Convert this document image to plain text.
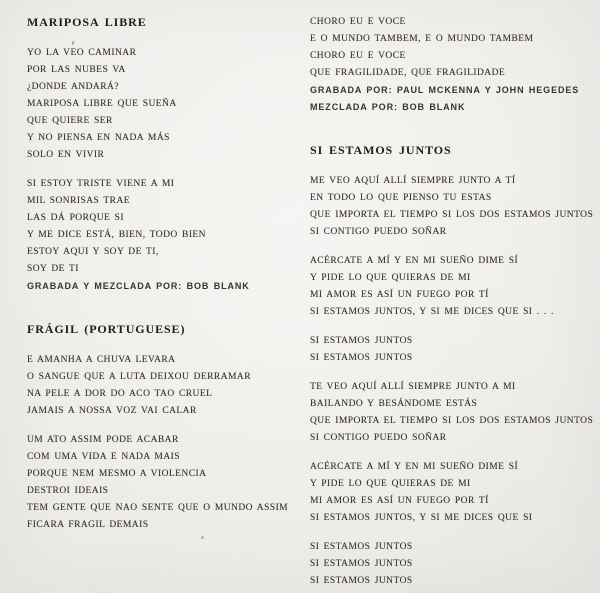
MARIPOSA LIBRE
YO LA VEO CAMINAR
POR LAS NUBES VA
¿DONDE ANDARÁ?
MARIPOSA LIBRE QUE SUEÑA
QUE QUIERE SER
Y NO PIENSA EN NADA MÁS
SOLO EN VIVIR
SI ESTOY TRISTE VIENE A MI
MIL SONRISAS TRAE
LAS DÁ PORQUE SI
Y ME DICE ESTÁ, BIEN, TODO BIEN
ESTOY AQUI Y SOY DE TI,
SOY DE TI
GRABADA Y MEZCLADA POR: BOB BLANK
FRÁGIL (PORTUGUESE)
E AMANHA A CHUVA LEVARA
O SANGUE QUE A LUTA DEIXOU DERRAMAR
NA PELE A DOR DO ACO TAO CRUEL
JAMAIS A NOSSA VOZ VAI CALAR
UM ATO ASSIM PODE ACABAR
COM UMA VIDA E NADA MAIS
PORQUE NEM MESMO A VIOLENCIA
DESTROI IDEAIS
TEM GENTE QUE NAO SENTE QUE O MUNDO ASSIM
FICARA FRAGIL DEMAIS
CHORO EU E VOCE
E O MUNDO TAMBEM, E O MUNDO TAMBEM
CHORO EU E VOCE
QUE FRAGILIDADE, QUE FRAGILIDADE
GRABADA POR: PAUL MCKENNA Y JOHN HEGEDES
MEZCLADA POR: BOB BLANK
SI ESTAMOS JUNTOS
ME VEO AQUÍ ALLÍ SIEMPRE JUNTO A TÍ
EN TODO LO QUE PIENSO TU ESTAS
QUE IMPORTA EL TIEMPO SI LOS DOS ESTAMOS JUNTOS
SI CONTIGO PUEDO SOÑAR
ACÉRCATE A MÍ Y EN MI SUEÑO DIME SÍ
Y PIDE LO QUE QUIERAS DE MI
MI AMOR ES ASÍ UN FUEGO POR TÍ
SI ESTAMOS JUNTOS, Y SI ME DICES QUE SI . . .
SI ESTAMOS JUNTOS
SI ESTAMOS JUNTOS
TE VEO AQUÍ ALLÍ SIEMPRE JUNTO A MI
BAILANDO Y BESÁNDOME ESTÁS
QUE IMPORTA EL TIEMPO SI LOS DOS ESTAMOS JUNTOS
SI CONTIGO PUEDO SOÑAR
ACÉRCATE A MÍ Y EN MI SUEÑO DIME SÍ
Y PIDE LO QUE QUIERAS DE MI
MI AMOR ES ASÍ UN FUEGO POR TÍ
SI ESTAMOS JUNTOS, Y SI ME DICES QUE SI
SI ESTAMOS JUNTOS
SI ESTAMOS JUNTOS
SI ESTAMOS JUNTOS
